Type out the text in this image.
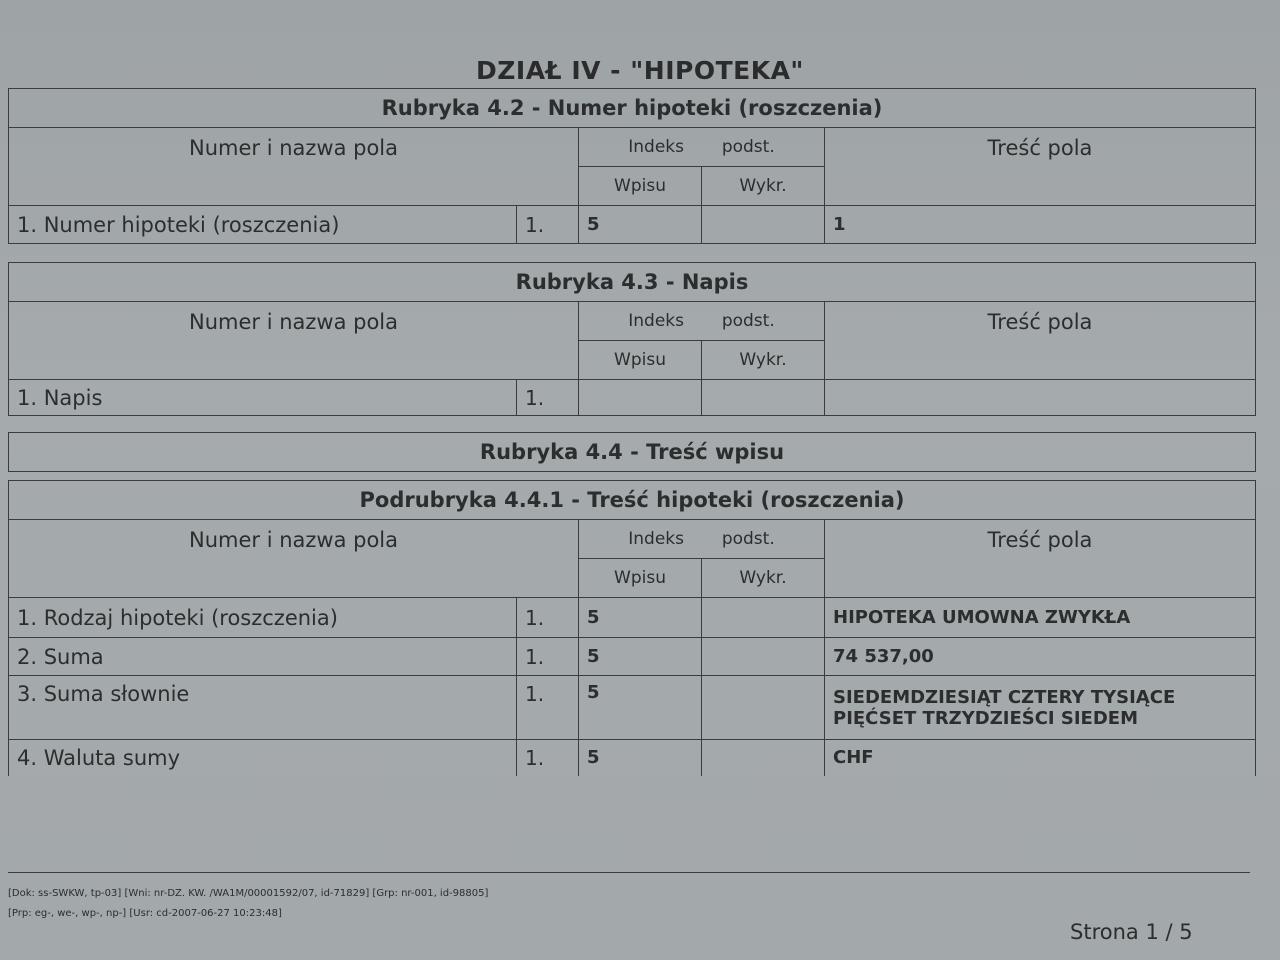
DZIAŁ IV - "HIPOTEKA"
Rubryka 4.2 - Numer hipoteki (roszczenia)				
Numer i nazwa pola		Indeks podst.		Treść pola
		Wpisu	Wykr.	
1. Numer hipoteki (roszczenia)	1.	5		1
Rubryka 4.3 - Napis				
Numer i nazwa pola		Indeks podst.		Treść pola
		Wpisu	Wykr.	
1. Napis	1.			
Rubryka 4.4 - Treść wpisu
Podrubryka 4.4.1 - Treść hipoteki (roszczenia)				
Numer i nazwa pola		Indeks podst.		Treść pola
		Wpisu	Wykr.	
1. Rodzaj hipoteki (roszczenia)	1.	5		HIPOTEKA UMOWNA ZWYKŁA
2. Suma	1.	5		74 537,00
3. Suma słownie	1.	5		SIEDEMDZIESIĄT CZTERY TYSIĄCE
PIĘĆSET TRZYDZIEŚCI SIEDEM

4. Waluta sumy	1.	5		CHF
[Dok: ss-SWKW, tp-03] [Wni: nr-DZ. KW. /WA1M/00001592/07, id-71829] [Grp: nr-001, id-98805]
[Prp: eg-, we-, wp-, np-] [Usr: cd-2007-06-27 10:23:48]
Strona 1 / 5
